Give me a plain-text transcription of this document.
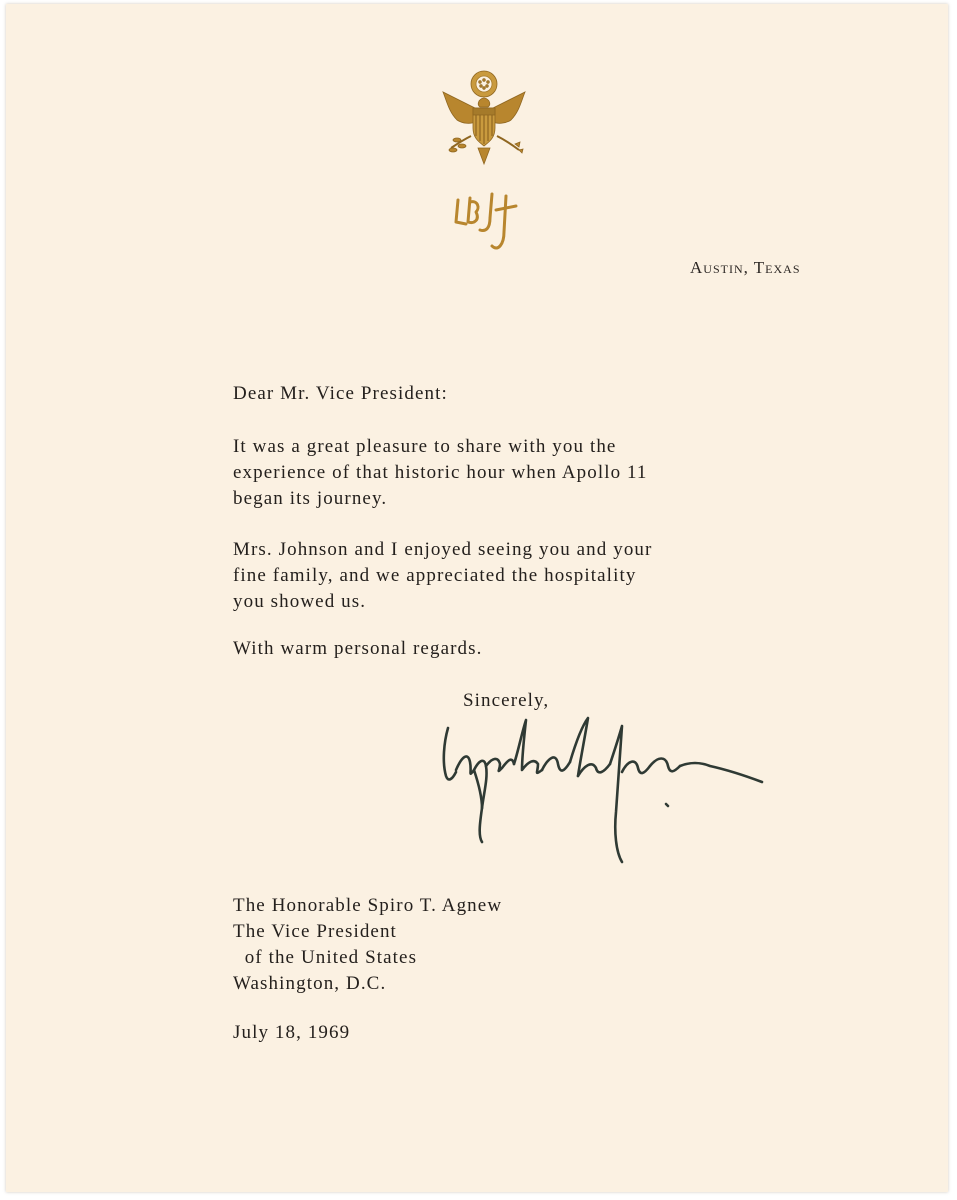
Austin, Texas

Dear Mr. Vice President:

It was a great pleasure to share with you the
experience of that historic hour when Apollo 11
began its journey.
Mrs. Johnson and I enjoyed seeing you and your
fine family, and we appreciated the hospitality
you showed us.
With warm personal regards.

Sincerely,

The Honorable Spiro T. Agnew
The Vice President
of the United States
Washington, D.C.

July 18, 1969
